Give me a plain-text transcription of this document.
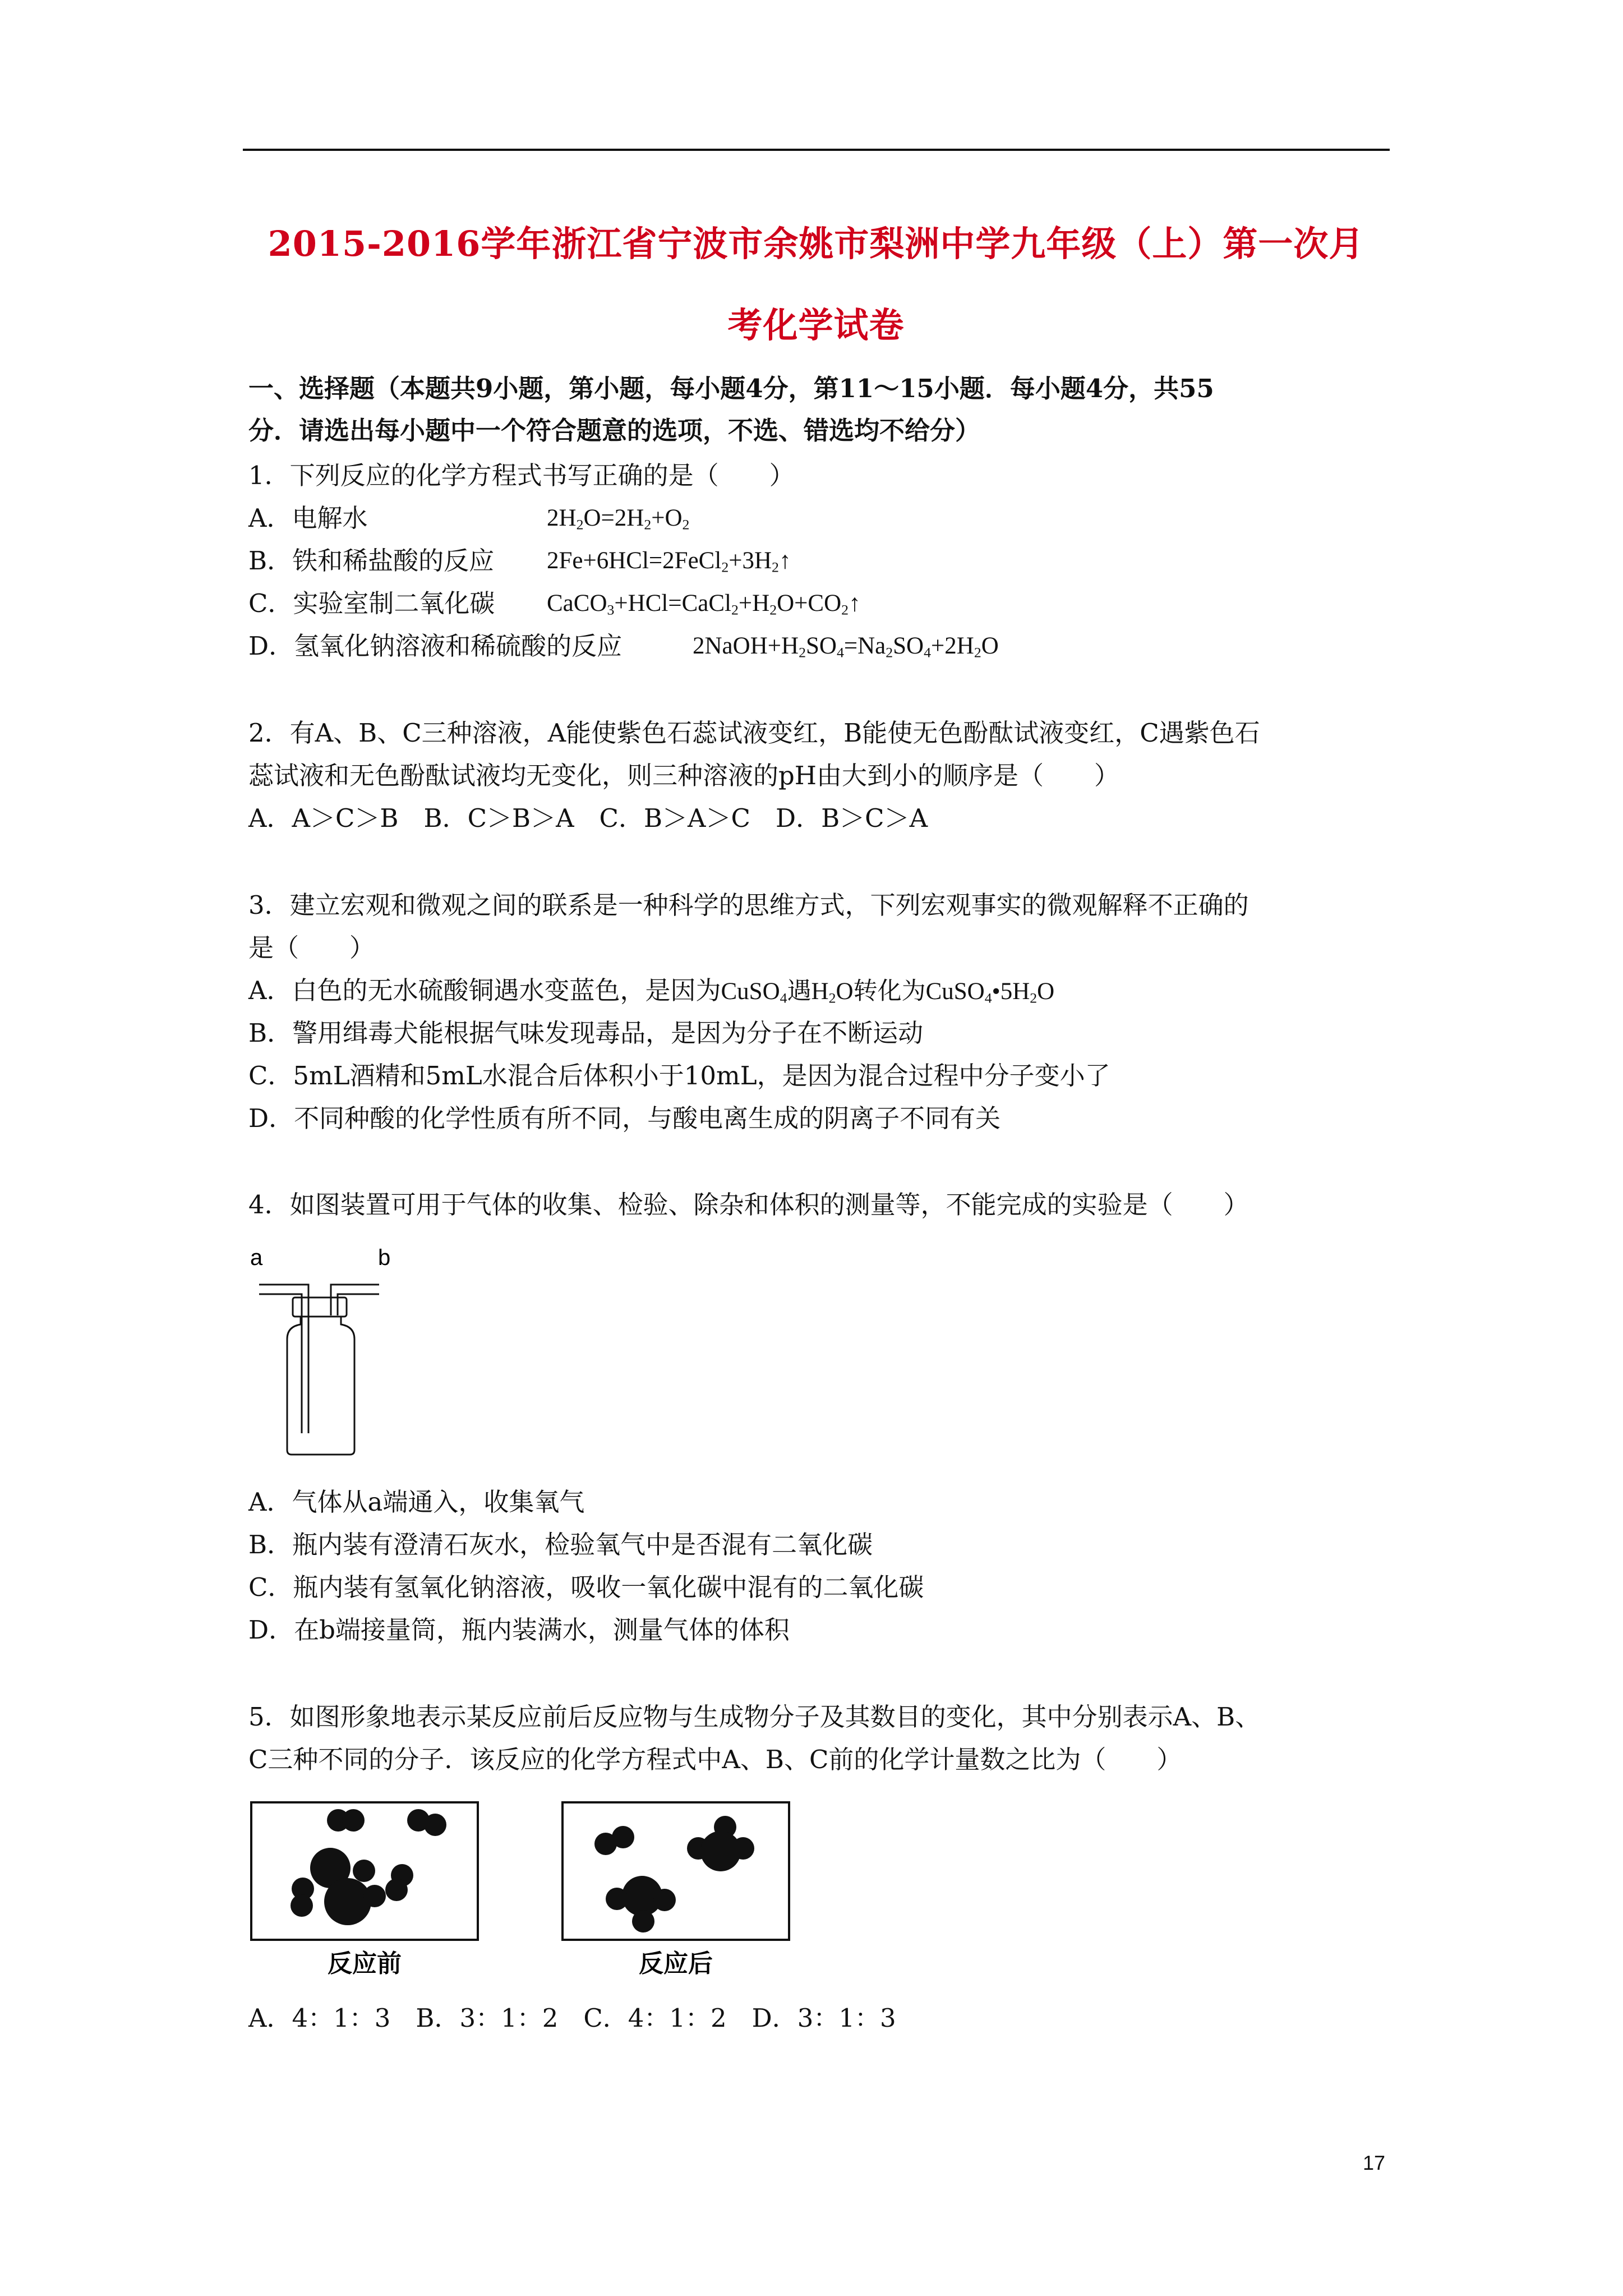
2015-2016学年浙江省宁波市余姚市梨洲中学九年级（上）第一次月
考化学试卷
一、选择题（本题共9小题，第小题，每小题4分，第11～15小题．每小题4分，共55
分．请选出每小题中一个符合题意的选项，不选、错选均不给分）
1．下列反应的化学方程式书写正确的是（　　）
A．电解水	$2H_2O=2H_2+O_2$
B．铁和稀盐酸的反应 $2Fe+6HCl=2FeCl_2+3H_2↑$
C．实验室制二氧化碳 $CaCO_3+HCl=CaCl_2+H_2O+CO_2↑$
D．氢氧化钠溶液和稀硫酸的反应	$2NaOH+H_2SO_4=Na_2SO_4+2H_2O$
2．有A、B、C三种溶液，A能使紫色石蕊试液变红，B能使无色酚酞试液变红，C遇紫色石
蕊试液和无色酚酞试液均无变化，则三种溶液的pH由大到小的顺序是（　　）
A．A＞C＞B　B．C＞B＞A　C．B＞A＞C　D．B＞C＞A
3．建立宏观和微观之间的联系是一种科学的思维方式，下列宏观事实的微观解释不正确的
是（　　）
A．白色的无水硫酸铜遇水变蓝色，是因为CuSO$_4$遇$H_2O$转化为$CuSO_4•5H_2O$
B．警用缉毒犬能根据气味发现毒品，是因为分子在不断运动
C．5mL酒精和5mL水混合后体积小于10mL，是因为混合过程中分子变小了
D．不同种酸的化学性质有所不同，与酸电离生成的阴离子不同有关
4．如图装置可用于气体的收集、检验、除杂和体积的测量等，不能完成的实验是（　　）
a	b
A．气体从a端通入，收集氧气
B．瓶内装有澄清石灰水，检验氧气中是否混有二氧化碳
C．瓶内装有氢氧化钠溶液，吸收一氧化碳中混有的二氧化碳
D．在b端接量筒，瓶内装满水，测量气体的体积
5．如图形象地表示某反应前后反应物与生成物分子及其数目的变化，其中分别表示A、B、
C三种不同的分子．该反应的化学方程式中A、B、C前的化学计量数之比为（　　）
反应前	反应后
A．4：1：3　B．3：1：2　C．4：1：2　D．3：1：3
17
